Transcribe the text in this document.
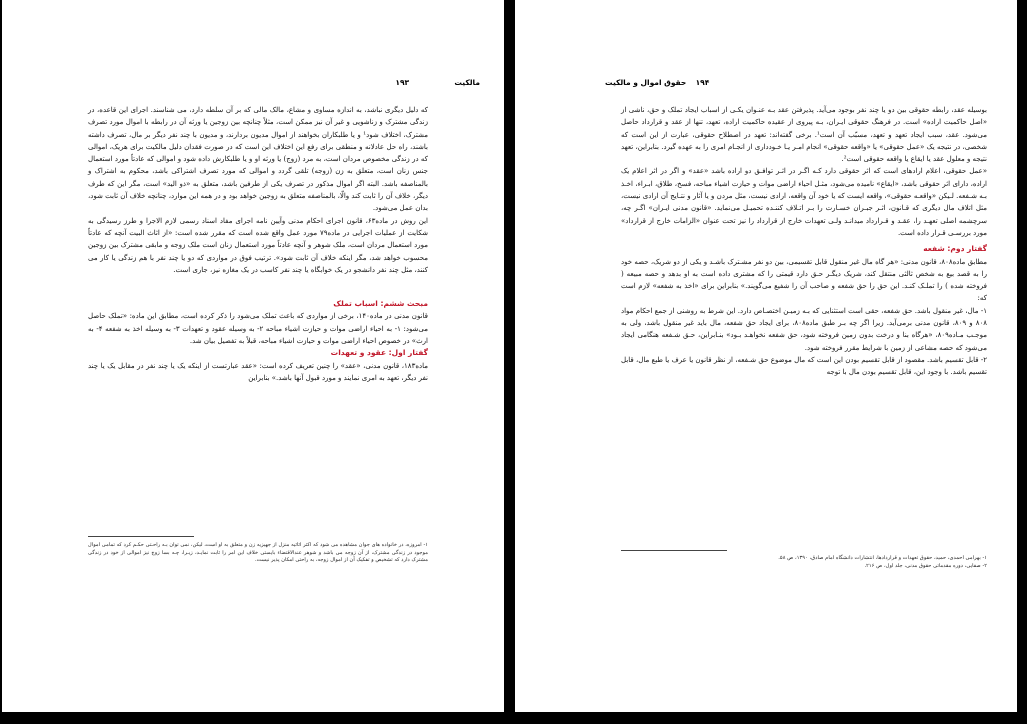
مالکیت  ۱۹۳

که دلیل دیگری نباشد، به اندازه مساوی و مشاع، مالک مالی که بر آن سلطه دارد، می شناسند. اجرای این قاعده، در زندگی مشترک و زناشویی و غیر آن نیز ممکن است، مثلاً چنانچه بین زوجین یا ورثه آن در رابطه با اموال مورد تصرف مشترک، اختلاف شود¹ و یا طلبکاران بخواهند از اموال مدیون بردارند، و مدیون با چند نفر دیگر بر مال، تصرف داشته باشند، راه حل عادلانه و منطقی برای رفع این اختلاف این است که در صورت فقدان دلیل مالکیت برای هریک، اموالی که در زندگی مخصوص مردان است، به مرد (زوج) یا ورثه او و یا طلبکارش داده شود و اموالی که عادتاً مورد استعمال جنس زنان است، متعلق به زن (زوجه) تلقی گردد و اموالی که مورد تصرف اشتراکی باشد، محکوم به اشتراک و بالمناصفه باشد. البته اگر اموال مذکور در تصرف یکی از طرفین باشد، متعلق به «ذو الید» است، مگر این که طرف دیگر، خلاف آن را ثابت کند والّا، بالمناصفه متعلق به زوجین خواهد بود و در همه این موارد، چنانچه خلاف آن ثابت شود، بدان عمل می‌شود.

این روش در ماده۶۳، قانون اجرای احکام مدنی وآیین نامه اجرای مفاد اسناد رسمی لازم الاجرا و طرز رسیدگی به شکایت از عملیات اجرایی در ماده۷۹ مورد عمل واقع شده است که مقرر شده است: «از اثاث البیت آنچه که عادتاً مورد استعمال مردان است، ملک شوهر و آنچه عادتاً مورد استعمال زنان است ملک زوجه و مابقی مشترک بین زوجین محسوب خواهد شد، مگر اینکه خلاف آن ثابت شود». ترتیب فوق در مواردی که دو یا چند نفر با هم زندگی یا کار می کنند، مثل چند نفر دانشجو در یک خوابگاه یا چند نفر کاسب در یک مغازه نیز، جاری است.

مبحث ششم: اسباب تملک

قانون مدنی در ماده۱۴۰، برخی از مواردی که باعث تملک می‌شود را ذکر کرده است، مطابق این ماده: «تملک حاصل می‌شود: ۱- به احیاء اراضی موات و حیازت اشیاء مباحه ۲- به وسیله عقود و تعهدات ۳- به وسیله اخذ به شفعه ۴- به ارث» در خصوص احیاء اراضی موات و حیازت اشیاء مباحه، قبلاً به تفصیل بیان شد.

گفتار اول: عقود و تعهدات

ماده۱۸۳، قانون مدنی، «عقد» را چنین تعریف کرده است: «عقد عبارتست از اینکه یک یا چند نفر در مقابل یک یا چند نفر دیگر، تعهد به امری نمایند و مورد قبول آنها باشد.» بنابراین

۱- امروزه، در خانواده های جوان مشاهده می شود که اکثر اثاثیه منزل از جهیزیه زن و متعلق به او است، لیکن، نمی توان بـه راحـتی حکـم کرد که تمامی اموال موجود در زندگی مشترک، از آن زوجه می باشد و شوهر عندالاقتضاء بایستی خلاف این امر را ثابت نمایـد، زیـرا، چـه بسا زوج نیز اموالی از خود در زندگی مشترک دارد که تشخیص و تفکیک آن از اموال زوجه، به راحتی امکان پذیر نیست.

۱۹۴  حقوق اموال و مالکیت

بوسیله عقد، رابطه حقوقی بین دو یا چند نفر بوجود می‌آید. پذیرفتن عقد بـه عنـوان یکـی از اسباب ایجاد تملک و حق، ناشی از «اصل حاکمیت اراده» است. در فرهنگ حقوقی ایـران، بـه پیروی از عقیده حاکمیت اراده، تعهد، تنها از عقد و قرارداد حاصل می‌شود. عقد، سبب ایجاد تعهد و تعهد، مسبّب آن است¹. برخی گفته‌اند: تعهد در اصطلاح حقوقی، عبارت از این است که شخصی، در نتیجه یک «عمل حقوقی» یا «واقعه حقوقی» انجام امـر یـا خـودداری از انجـام امری را به عهده گیرد. بنابراین، تعهد نتیجه و معلول عقد یا ایقاع یا واقعه حقوقی است².

«عمل حقوقی، اعلام ارادهای است که اثر حقوقی دارد کـه اگـر در اثـر توافـق دو اراده باشد «عقد» و اگر در اثر اعلام یک اراده، دارای اثر حقوقی باشد، «ایقاع» نامیده می‌شود، مثـل احیاء اراضی موات و حیازت اشیاء مباحه، فسخ، طلاق، ابـراء، اخـذ بـه شـفعه. لـیکن «واقعـه حقوقی»، واقعه ایست که یا خود آن واقعه، ارادی نیست، مثل مردن و یا آثار و نتـایج آن ارادی نیست، مثل اتلاف مال دیگری که قـانون، اثـر جبـران خسـارت را بـر اتـلاف کننـده تحمیـل می‌نماید. «قانون مدنی ایـران» اگـر چه، سرچشمه اصلی تعهـد را، عقـد و قـرارداد میدانـد ولـی تعهدات خارج از قرارداد را نیز تحت عنوان «الزامات خارج از قرارداد» مورد بررسـی قـرار داده است.

گفتار دوم: شفعه

مطابق ماده۸۰۸، قانون مدنی: «هر گاه مال غیر منقول قابل تقسیمی، بین دو نفر مشـترک باشـد و یکی از دو شریک، حصه خود را به قصد بیع به شخص ثالثی منتقل کند، شریک دیگـر حـق دارد قیمتی را که مشتری داده است به او بدهد و حصه مبیعه ( فروخته شده ) را تملـک کنـد. این حق را حق شفعه و صاحب آن را شفیع می‌گویند.» بنابراین برای «اخذ به شفعه» لازم است که:

۱- مال، غیر منقول باشد. حق شفعه، حقی است استثنایی که بـه زمیـن اختصـاص دارد. این شرط به روشنی از جمع احکام مواد ۸۰۸ و ۸۰۹، قانون مدنی برمی‌آید. زیرا اگر چه بـر طبق ماده۸۰۸، برای ایجاد حق شفعه، مال باید غیر منقول باشد، ولی به موجـب مـاده۸۰۹، «هرگاه بنا و درخت بدون زمین فروخته شود، حق شفعه نخواهـد بـود» بنـابراین، حـق شـفعه هنگامی ایجاد می‌شود که حصه مشاعی از زمین با شرایط مقرر فروخته شود.

۲- قابل تقسیم باشد. مقصود از قابل تقسیم بودن این است که مال موضوع حق شـفعه، از نظر قانون یا عرف یا طبع مال، قابل تقسیم باشد. با وجود این، قابل تقسیم بودن مال با توجه

۱- بهرامی احمدی، حمید، حقوق تعهدات و قراردادها، انتشارات دانشگاه امام صادق، ۱۳۹۰، ص ۵۸.

۲- صفایی، دوره مقدماتی حقوق مدنی، جلد اول، ص ۲۱۶.
